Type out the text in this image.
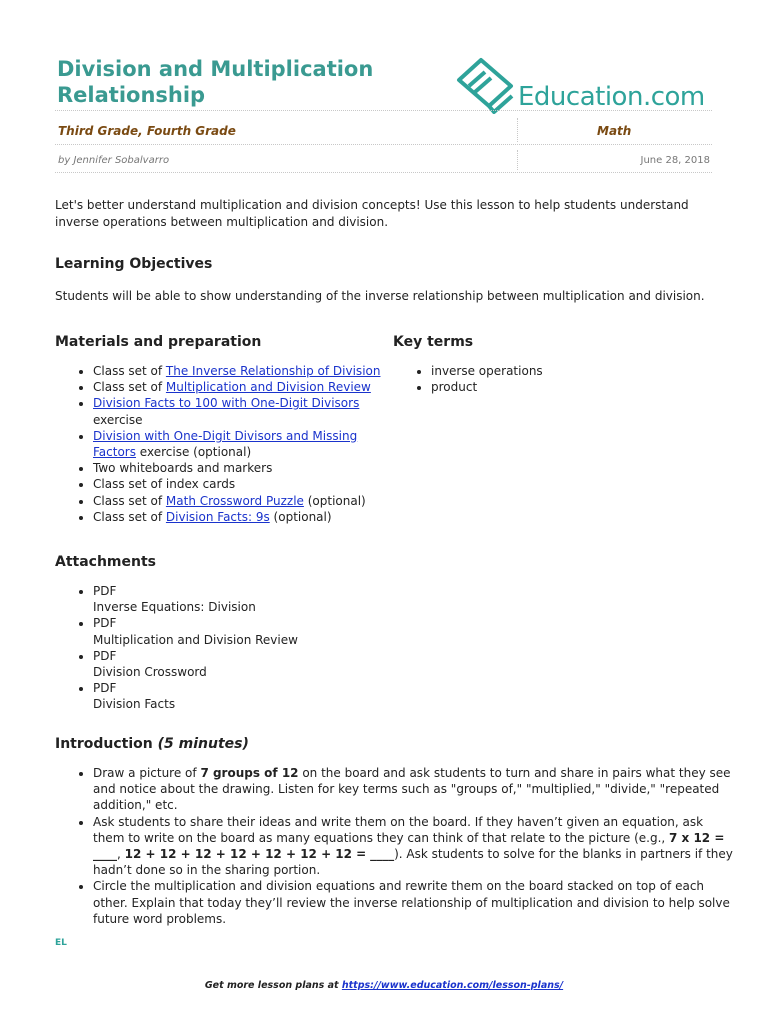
Division and Multiplication
Relationship	Education.com
Third Grade, Fourth Grade	Math
by Jennifer Sobalvarro	June 28, 2018
Let's better understand multiplication and division concepts! Use this lesson to help students understand
inverse operations between multiplication and division.
Learning Objectives
Students will be able to show understanding of the inverse relationship between multiplication and division.
Materials and preparation
• Class set of The Inverse Relationship of Division
• Class set of Multiplication and Division Review
• Division Facts to 100 with One-Digit Divisors
exercise
• Division with One-Digit Divisors and Missing
Factors exercise (optional)
• Two whiteboards and markers
• Class set of index cards
• Class set of Math Crossword Puzzle (optional)
• Class set of Division Facts: 9s (optional)
Key terms
• inverse operations
• product
Attachments
• PDF
Inverse Equations: Division
• PDF
Multiplication and Division Review
• PDF
Division Crossword
• PDF
Division Facts
Introduction (5 minutes)
• Draw a picture of 7 groups of 12 on the board and ask students to turn and share in pairs what they see
and notice about the drawing. Listen for key terms such as "groups of," "multiplied," "divide," "repeated
addition," etc.
• Ask students to share their ideas and write them on the board. If they haven’t given an equation, ask
them to write on the board as many equations they can think of that relate to the picture (e.g., 7 x 12 =
____, 12 + 12 + 12 + 12 + 12 + 12 + 12 = ____). Ask students to solve for the blanks in partners if they
hadn’t done so in the sharing portion.
• Circle the multiplication and division equations and rewrite them on the board stacked on top of each
other. Explain that today they’ll review the inverse relationship of multiplication and division to help solve
future word problems.
EL
Get more lesson plans at https://www.education.com/lesson-plans/
